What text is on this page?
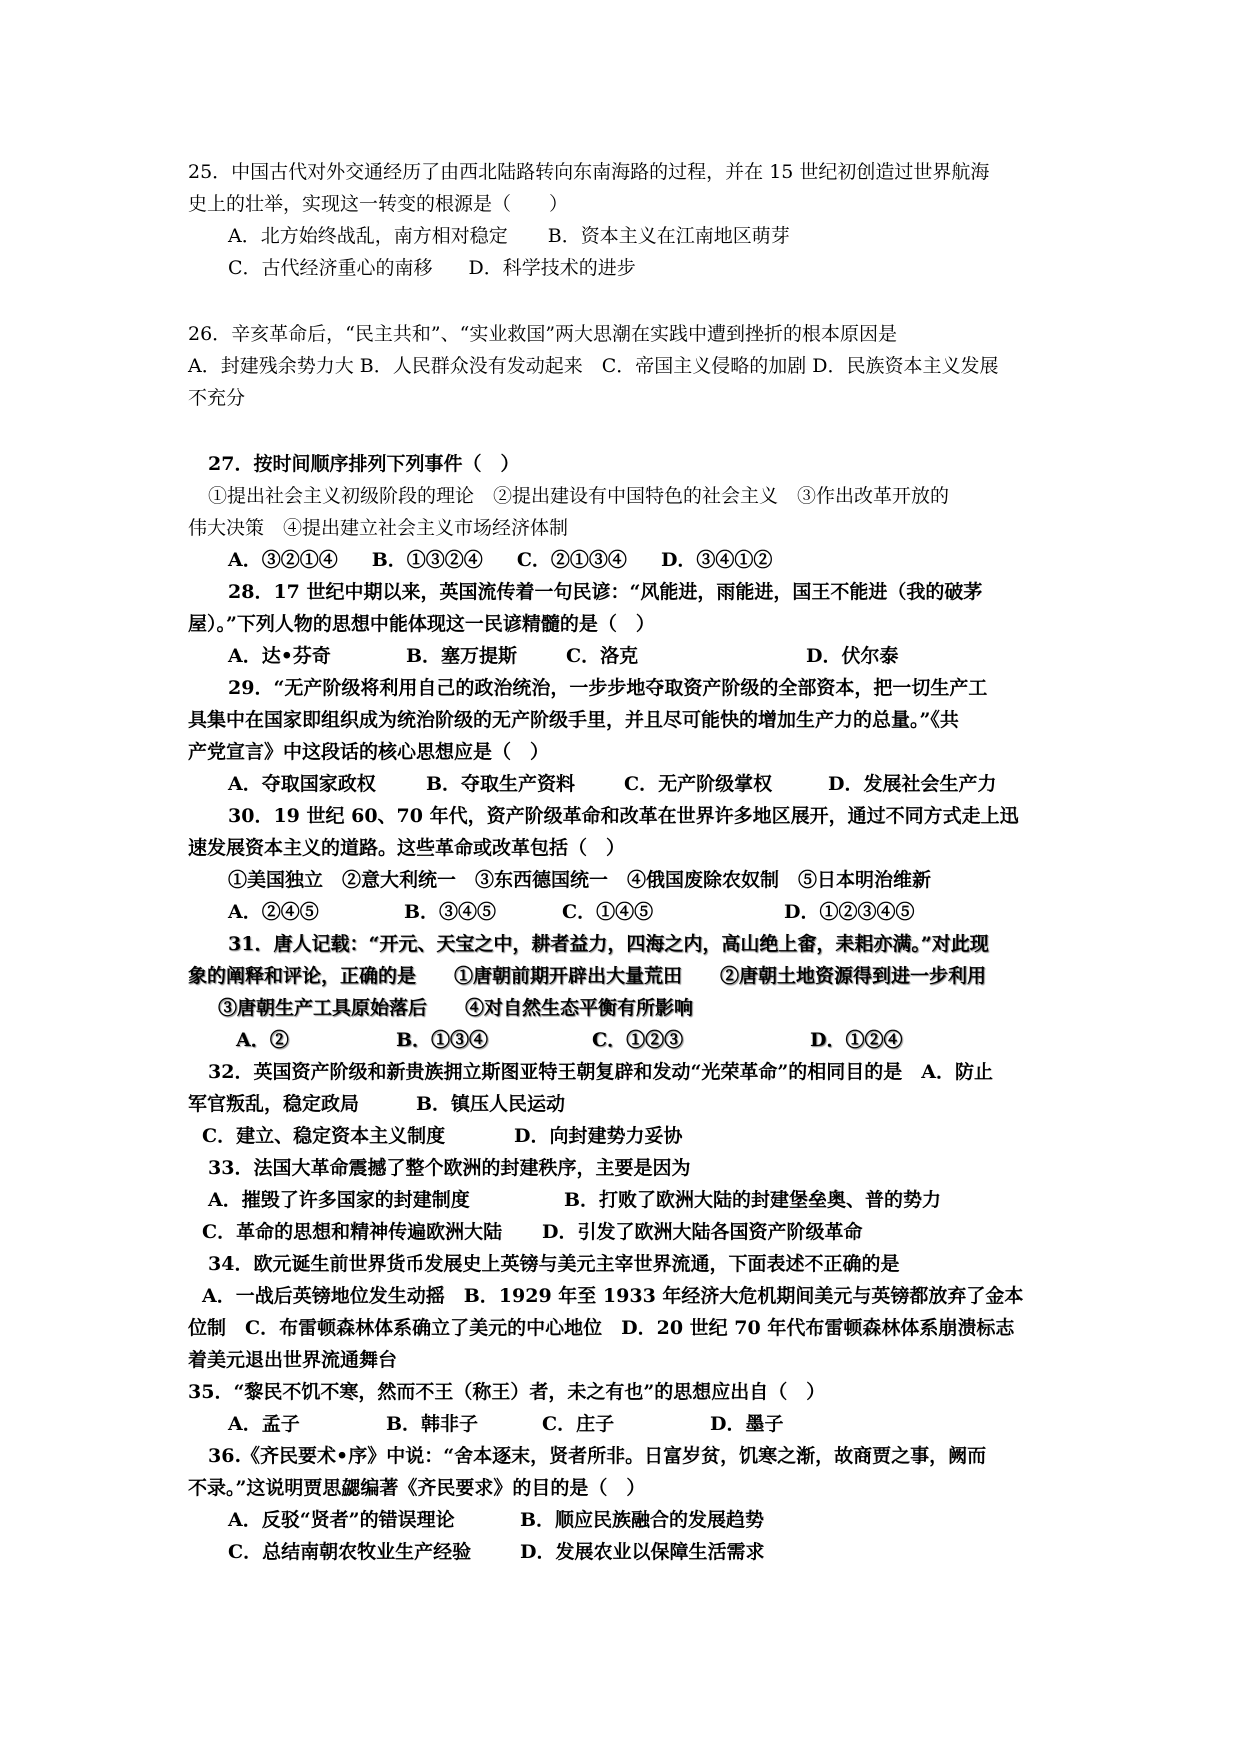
25．中国古代对外交通经历了由西北陆路转向东南海路的过程，并在 15 世纪初创造过世界航海

史上的壮举，实现这一转变的根源是（　　）

A．北方始终战乱，南方相对稳定 B．资本主义在江南地区萌芽

C．古代经济重心的南移 D．科学技术的进步

26．辛亥革命后，“民主共和”、“实业救国”两大思潮在实践中遭到挫折的根本原因是

A．封建残余势力大 B．人民群众没有发动起来　C．帝国主义侵略的加剧 D．民族资本主义发展

不充分

27．按时间顺序排列下列事件（　）

①提出社会主义初级阶段的理论　②提出建设有中国特色的社会主义　③作出改革开放的

伟大决策　④提出建立社会主义市场经济体制

A．③②①④ B．①③②④ C．②①③④ D．③④①②

28．17 世纪中期以来，英国流传着一句民谚：“风能进，雨能进，国王不能进（我的破茅

屋）。”下列人物的思想中能体现这一民谚精髓的是（　）

A．达•芬奇	B．塞万提斯	C．洛克	D．伏尔泰

29．“无产阶级将利用自己的政治统治，一步步地夺取资产阶级的全部资本，把一切生产工

具集中在国家即组织成为统治阶级的无产阶级手里，并且尽可能快的增加生产力的总量。”《共

产党宣言》中这段话的核心思想应是（　）

A．夺取国家政权	B．夺取生产资料	C．无产阶级掌权	D．发展社会生产力

30．19 世纪 60、70 年代，资产阶级革命和改革在世界许多地区展开，通过不同方式走上迅

速发展资本主义的道路。这些革命或改革包括（　）

①美国独立　②意大利统一　③东西德国统一　④俄国废除农奴制　⑤日本明治维新

A．②④⑤	B．③④⑤	C．①④⑤	D．①②③④⑤

31．唐人记载：“开元、天宝之中，耕者益力，四海之内，高山绝上畬，耒耜亦满。”对此现

象的阐释和评论，正确的是　　①唐朝前期开辟出大量荒田　　②唐朝土地资源得到进一步利用

③唐朝生产工具原始落后　　④对自然生态平衡有所影响

A．②	B．①③④	C．①②③	D．①②④

32．英国资产阶级和新贵族拥立斯图亚特王朝复辟和发动“光荣革命”的相同目的是　A．防止

军官叛乱，稳定政局　　　B．镇压人民运动

C．建立、稳定资本主义制度	D．向封建势力妥协

33．法国大革命震撼了整个欧洲的封建秩序，主要是因为

A．摧毁了许多国家的封建制度	B．打败了欧洲大陆的封建堡垒奥、普的势力

C．革命的思想和精神传遍欧洲大陆 D．引发了欧洲大陆各国资产阶级革命

34．欧元诞生前世界货币发展史上英镑与美元主宰世界流通，下面表述不正确的是

A．一战后英镑地位发生动摇　B．1929 年至 1933 年经济大危机期间美元与英镑都放弃了金本

位制　C．布雷顿森林体系确立了美元的中心地位　D．20 世纪 70 年代布雷顿森林体系崩溃标志

着美元退出世界流通舞台

35．“黎民不饥不寒，然而不王（称王）者，未之有也”的思想应出自（　）

A．孟子	B．韩非子	C．庄子	D．墨子

36.《齐民要术•序》中说：“舍本逐末，贤者所非。日富岁贫，饥寒之渐，故商贾之事，阙而

不录。”这说明贾思勰编著《齐民要求》的目的是（　）

A．反驳“贤者”的错误理论	B．顺应民族融合的发展趋势

C．总结南朝农牧业生产经验	D．发展农业以保障生活需求
